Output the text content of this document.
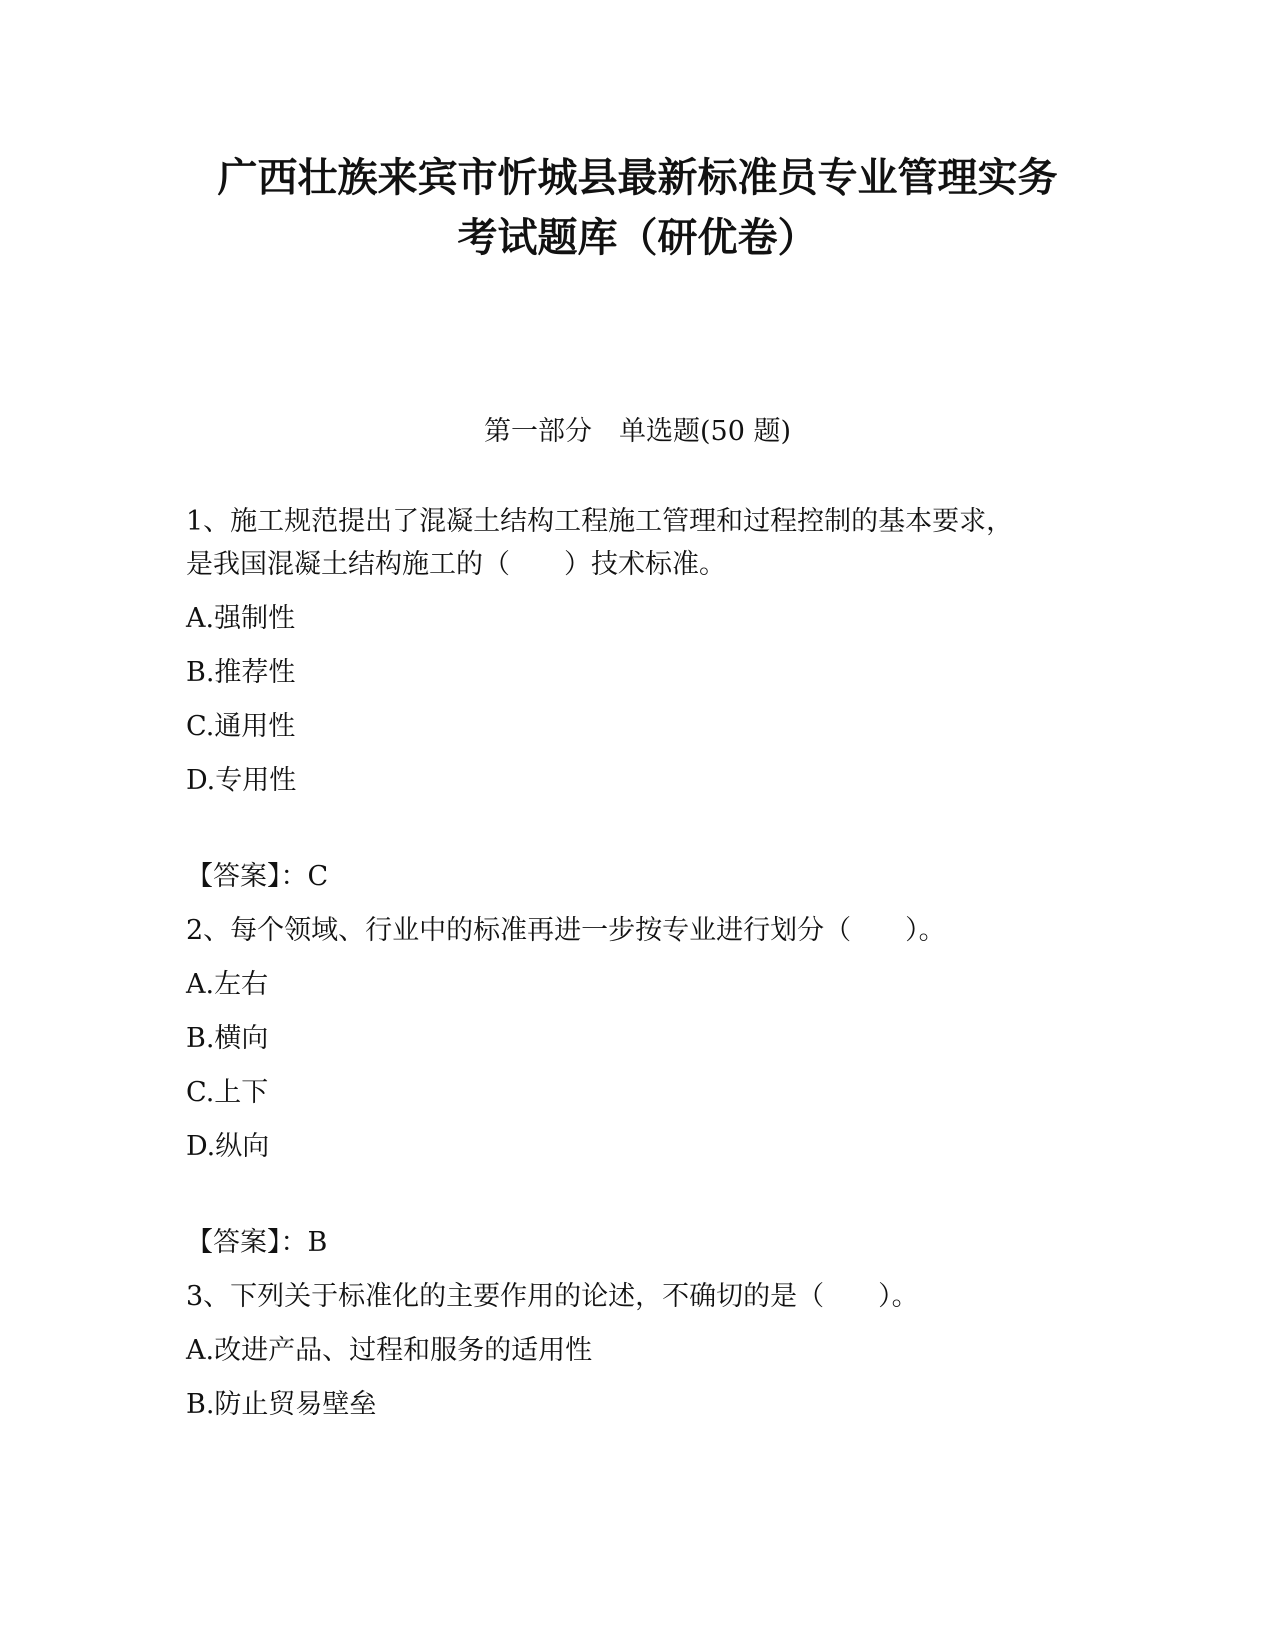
广西壮族来宾市忻城县最新标准员专业管理实务
考试题库（研优卷）
第一部分　单选题(50 题)
1、施工规范提出了混凝土结构工程施工管理和过程控制的基本要求，
是我国混凝土结构施工的（　　）技术标准。
A.强制性
B.推荐性
C.通用性
D.专用性
【答案】：C
2、每个领域、行业中的标准再进一步按专业进行划分（　　）。
A.左右
B.横向
C.上下
D.纵向
【答案】：B
3、下列关于标准化的主要作用的论述，不确切的是（　　）。
A.改进产品、过程和服务的适用性
B.防止贸易壁垒
